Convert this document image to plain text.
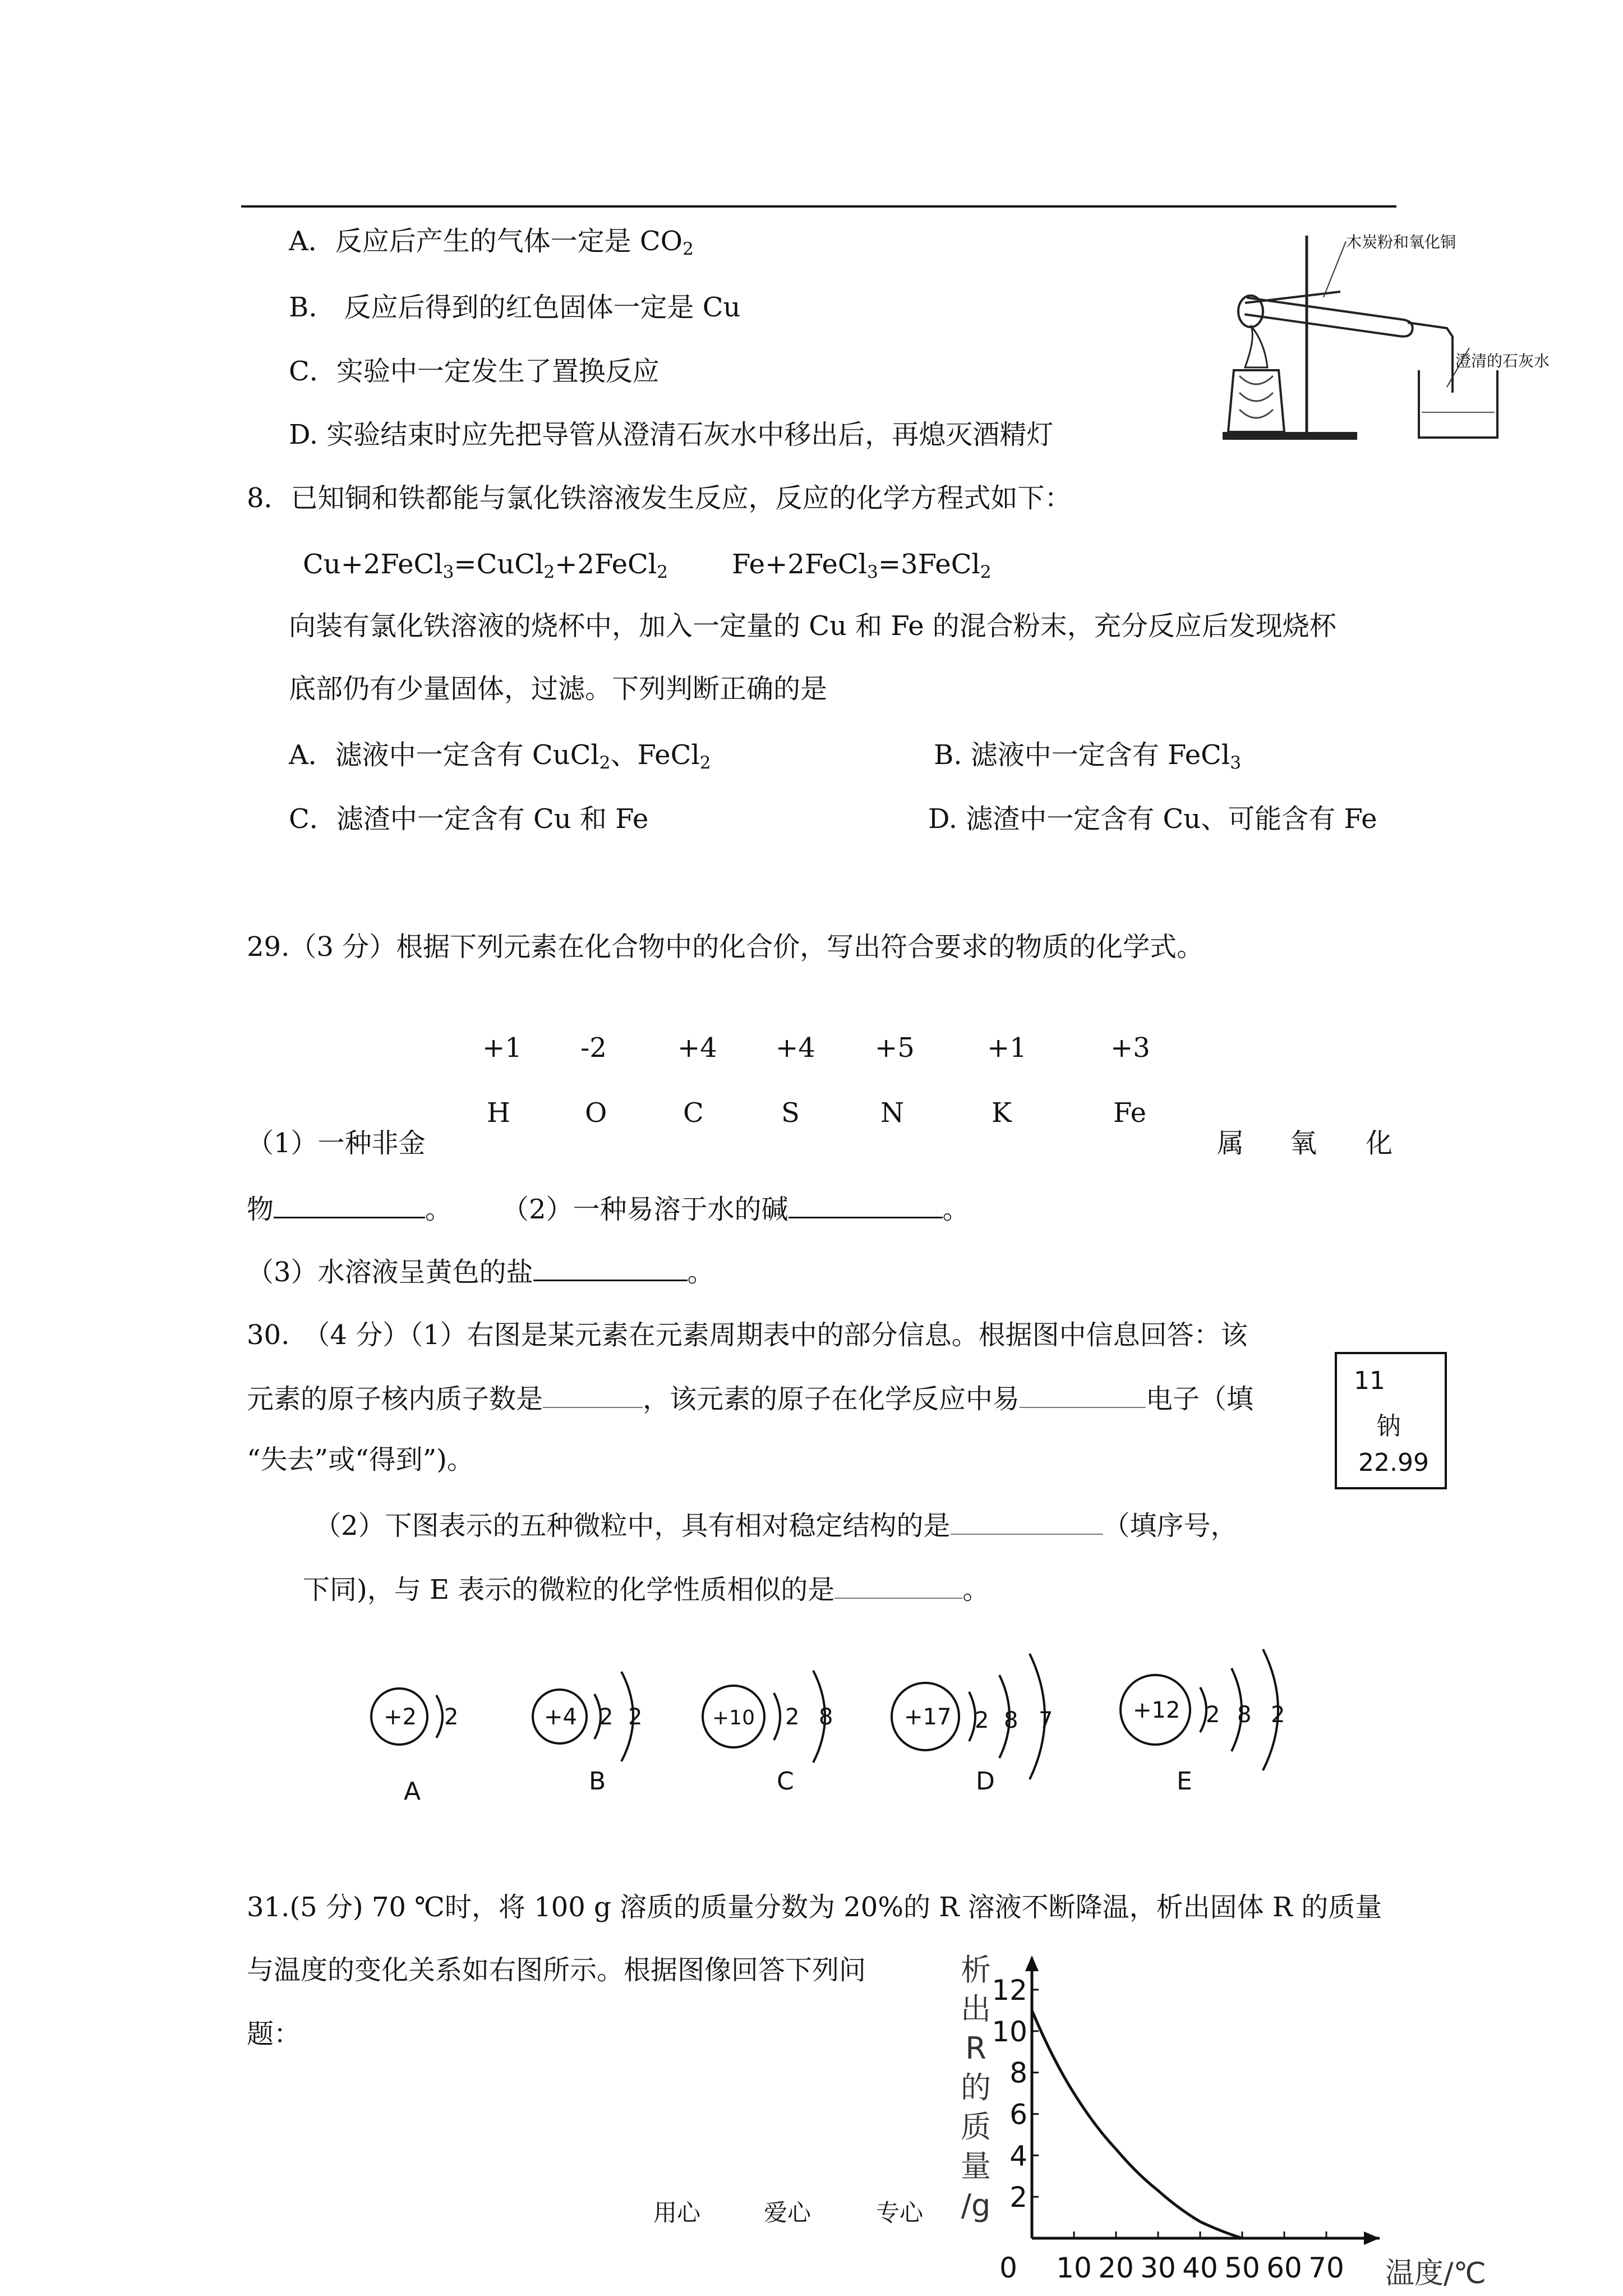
A．反应后产生的气体一定是 $CO_2$
B.　反应后得到的红色固体一定是 Cu
C．实验中一定发生了置换反应
D. 实验结束时应先把导管从澄清石灰水中移出后，再熄灭酒精灯
木炭粉和氧化铜
澄清的石灰水
8．已知铜和铁都能与氯化铁溶液发生反应，反应的化学方程式如下：
Cu+2FeCl$_3$=CuCl$_2$+2FeCl$_2$ Fe+2FeCl$_3$=3FeCl$_2$
向装有氯化铁溶液的烧杯中，加入一定量的 Cu 和 Fe 的混合粉末，充分反应后发现烧杯
底部仍有少量固体，过滤。下列判断正确的是
A．滤液中一定含有 CuCl$_2$、FeCl$_2$	B. 滤液中一定含有 FeCl$_3$
C．滤渣中一定含有 Cu 和 Fe	D. 滤渣中一定含有 Cu、可能含有 Fe
29.（3 分）根据下列元素在化合物中的化合价，写出符合要求的物质的化学式。
+1 -2	+4 +4 +5	+1	+3
H	O	C	S	N	K	Fe
（1）一种非金	属 氧 化
物	。 （2）一种易溶于水的碱	。
（3）水溶液呈黄色的盐	。
30.　（4 分）（1）右图是某元素在元素周期表中的部分信息。根据图中信息回答：该
元素的原子核内质子数是	，该元素的原子在化学反应中易	电子（填
“失去”或“得到”)。
（2）下图表示的五种微粒中，具有相对稳定结构的是	（填序号，
下同)，与 E 表示的微粒的化学性质相似的是	。
11
钠
22.99
+2 2	+4 2 2	+10 2 8	+17 2 8 7	+12 2 8 2
A	B	C	D	E
31.(5 分) 70 ℃时，将 100 g 溶质的质量分数为 20%的 R 溶液不断降温，析出固体 R 的质量
与温度的变化关系如右图所示。根据图像回答下列问
题：
0 10 20 30 40 50 60 70
2
4
6
8
10
12
析
出
R
的
质
量
/g
温度/℃
用心	爱心	专心
